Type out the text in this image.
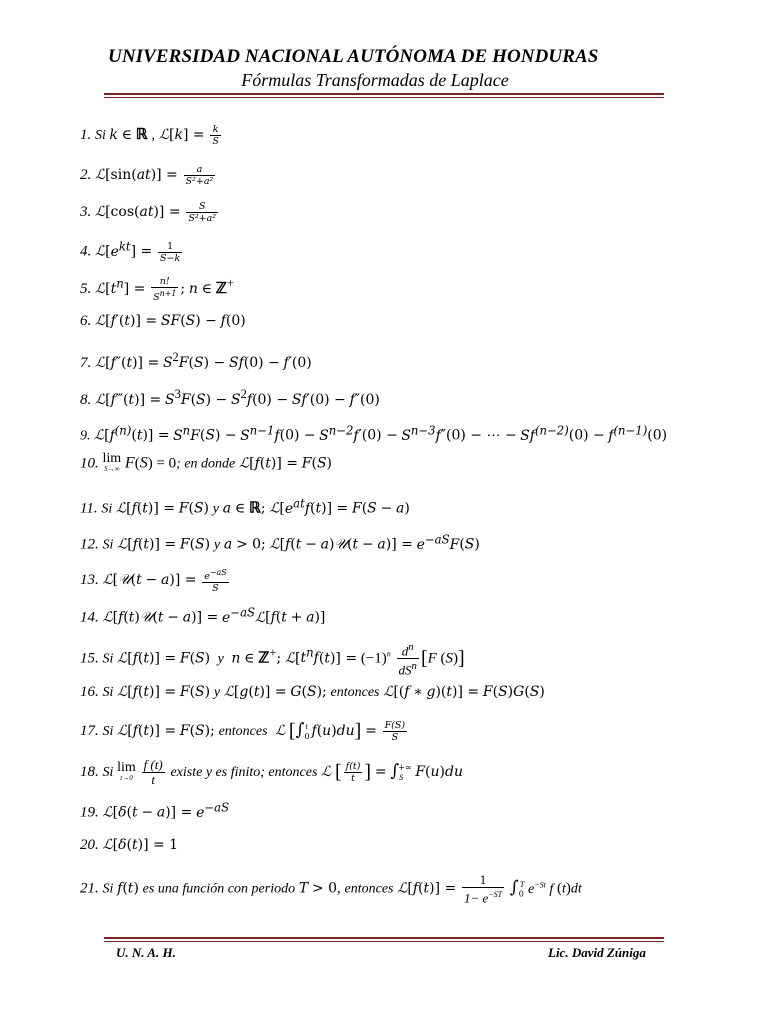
UNIVERSIDAD NACIONAL AUTÓNOMA DE HONDURAS
Fórmulas Transformadas de Laplace
1. Si k ∈ ℝ , ℒ[k] = $\frac{k}{S}$
2. ℒ[sin(at)] = $\frac{a}{\text{S²+a²}}$
3. ℒ[cos(at)] = $\frac{S}{\text{S²+a²}}$
4. $ℒ[e^{kt}] = \frac{1}{S-k}$
5. $ℒ[t^n] = \frac{n!}{S^{n+1}}$ ; n ∈ ℤ+
6. ℒ[f′(t)] = SF(S) − f(0)
7. ℒ[f″(t)] = $S^2F(S) - Sf(0) - f'(0)$
8. ℒ[f‴(t)] = $S^3F(S) - S^2f(0) - Sf'(0) - f''(0)$
9. $ℒ[f^{(n)}(t)] = S^nF(S) - S^{n-1}f(0) - S^{n-2}f'(0) - S^{n-3}f''(0)$ − ⋯ − $Sf^{(n-2)}(0) - f^{(n-1)}(0)$
10. lim
S→∞ F(S) = 0; en donde ℒ[f(t)] = F(S)
11. Si ℒ[f(t)] = F(S) y a ∈ ℝ; $ℒ[e^{at}f(t)] = F(S - a)$
12. Si ℒ[f(t)] = F(S) y a > 0; ℒ[f(t − a)𝒰(t − $a)] = e^{-aS}F(S)$
13. ℒ[𝒰(t − $a)] = \frac{e^{-aS}}{S}$
14. ℒ[f(t)𝒰(t − $a)] = e^{-aS}ℒ[f(t + a)]$
15. Si ℒ[f(t)] = F(S) y n ∈ ℤ+; $ℒ[t^nf(t)] = (-1)^n$ $d^n$
$dS^n$ [F (S)]
16. Si ℒ[f(t)] = F(S) y ℒ[g(t)] = G(S); entonces ℒ[(f ∗ g)(t)] = F(S)G(S)
17. Si ℒ[f(t)] = F(S); entonces ℒ [$\int_0^t$ $f(u)du] = \frac{F(S)}{S}$
18. Si lim
t→0
$\frac{f (t)}{t}$ existe y es finito; entonces ℒ [ $\frac{f(t)}{t}$ ] = $\int_S^{+\infty}$ F(u)du
19. ℒ[δ(t − $a)] = e^{-aS}$
20. ℒ[δ(t)] = 1
21. Si f(t) es una función con periodo T > 0, entonces ℒ[f(t)] = $\frac{1}{1- e^{-ST}} \int_0^T$ $e^{-St}$ f (t)dt
U. N. A. H.	Lic. David Zúniga
